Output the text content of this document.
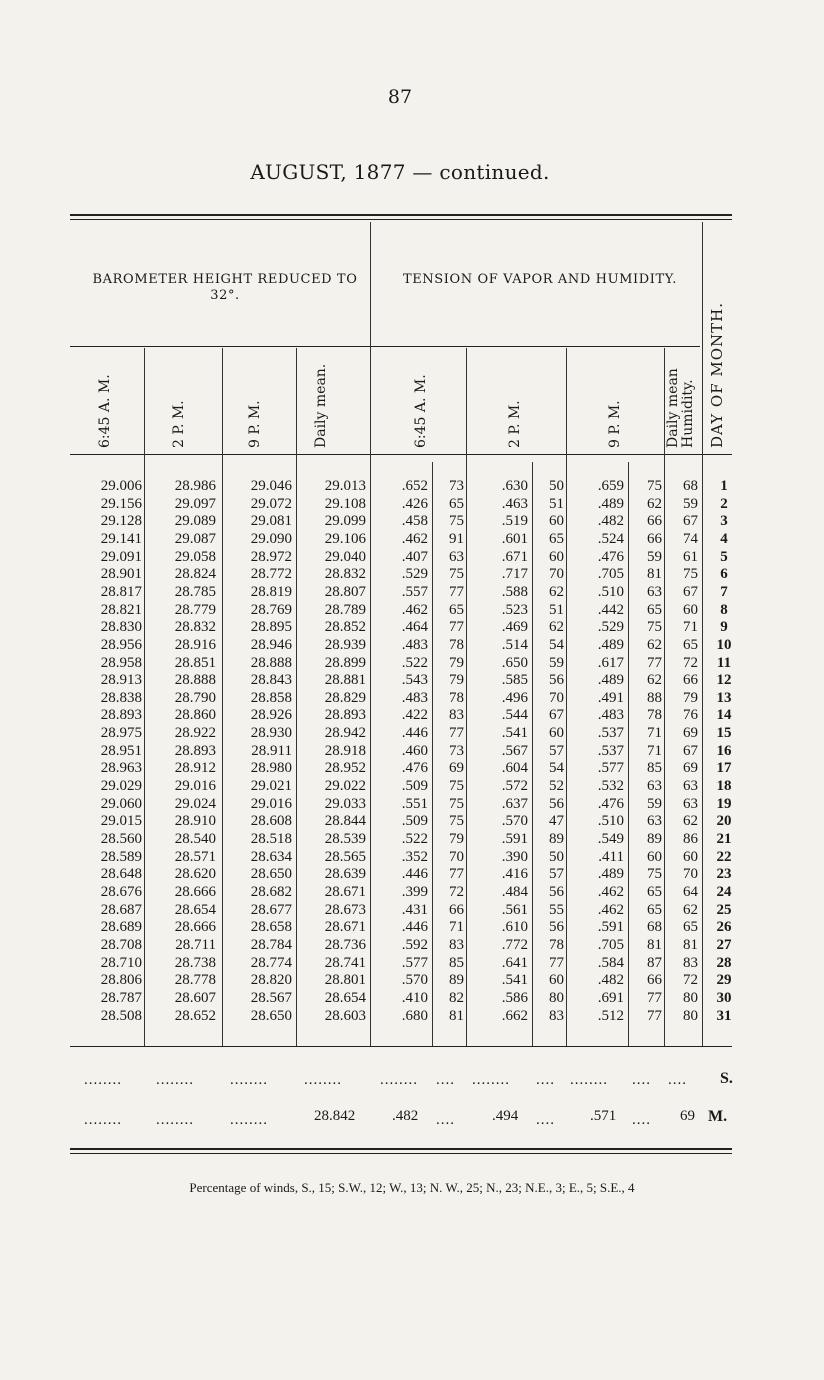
87
AUGUST, 1877 — continued.
BAROMETER HEIGHT REDUCED TO 32°.
TENSION OF VAPOR AND HUMIDITY.
6:45 A. M.	2 P. M.	9 P. M.	Daily mean.	6:45 A. M.	2 P. M.	9 P. M.	Daily mean Humidity. DAY OF MONTH.
29.006	28.986	29.046	29.013	.652	73	.630	50	.659	75	68	1
29.156	29.097	29.072	29.108	.426	65	.463	51	.489	62	59	2
29.128	29.089	29.081	29.099	.458	75	.519	60	.482	66	67	3
29.141	29.087	29.090	29.106	.462	91	.601	65	.524	66	74	4
29.091	29.058	28.972	29.040	.407	63	.671	60	.476	59	61	5
28.901	28.824	28.772	28.832	.529	75	.717	70	.705	81	75	6
28.817	28.785	28.819	28.807	.557	77	.588	62	.510	63	67	7
28.821	28.779	28.769	28.789	.462	65	.523	51	.442	65	60	8
28.830	28.832	28.895	28.852	.464	77	.469	62	.529	75	71	9
28.956	28.916	28.946	28.939	.483	78	.514	54	.489	62	65	10
28.958	28.851	28.888	28.899	.522	79	.650	59	.617	77	72	11
28.913	28.888	28.843	28.881	.543	79	.585	56	.489	62	66	12
28.838	28.790	28.858	28.829	.483	78	.496	70	.491	88	79	13
28.893	28.860	28.926	28.893	.422	83	.544	67	.483	78	76	14
28.975	28.922	28.930	28.942	.446	77	.541	60	.537	71	69	15
28.951	28.893	28.911	28.918	.460	73	.567	57	.537	71	67	16
28.963	28.912	28.980	28.952	.476	69	.604	54	.577	85	69	17
29.029	29.016	29.021	29.022	.509	75	.572	52	.532	63	63	18
29.060	29.024	29.016	29.033	.551	75	.637	56	.476	59	63	19
29.015	28.910	28.608	28.844	.509	75	.570	47	.510	63	62	20
28.560	28.540	28.518	28.539	.522	79	.591	89	.549	89	86	21
28.589	28.571	28.634	28.565	.352	70	.390	50	.411	60	60	22
28.648	28.620	28.650	28.639	.446	77	.416	57	.489	75	70	23
28.676	28.666	28.682	28.671	.399	72	.484	56	.462	65	64	24
28.687	28.654	28.677	28.673	.431	66	.561	55	.462	65	62	25
28.689	28.666	28.658	28.671	.446	71	.610	56	.591	68	65	26
28.708	28.711	28.784	28.736	.592	83	.772	78	.705	81	81	27
28.710	28.738	28.774	28.741	.577	85	.641	77	.584	87	83	28
28.806	28.778	28.820	28.801	.570	89	.541	60	.482	66	72	29
28.787	28.607	28.567	28.654	.410	82	.586	80	.691	77	80	30
28.508	28.652	28.650	28.603	.680	81	.662	83	.512	77	80	31
........ ........ ........ ........	........ .... ........ .... ........ .... .... S.
........ ........ ........	28.842 .482 .... .494 .... .571 .... 69 M.
Percentage of winds, S., 15; S.W., 12; W., 13; N. W., 25; N., 23; N.E., 3; E., 5; S.E., 4
